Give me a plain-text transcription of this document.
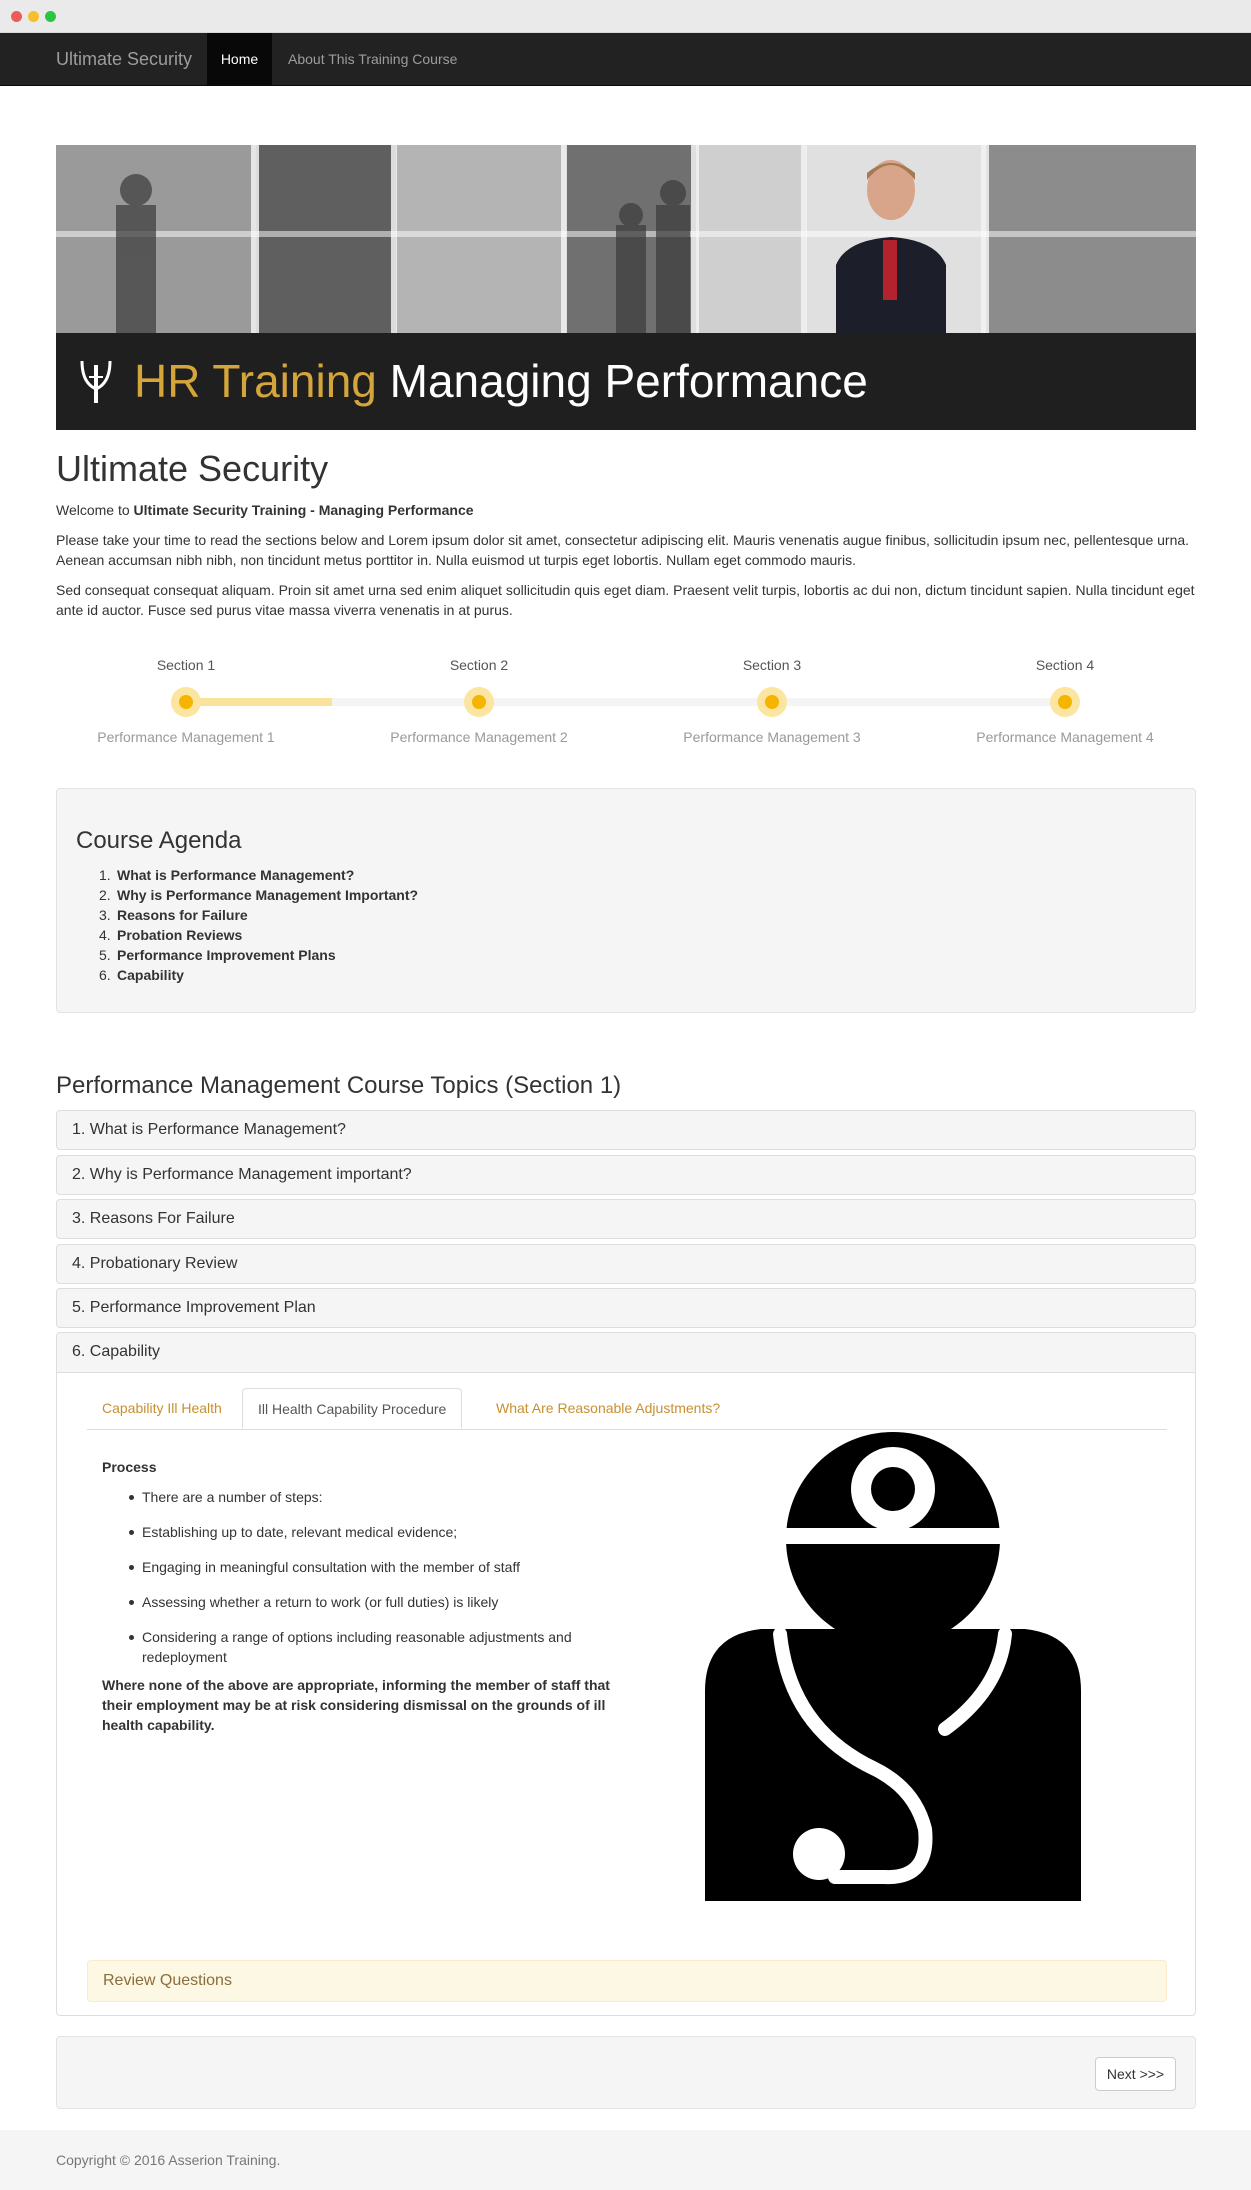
Ultimate Security	Home	About This Training Course
HR Training Managing Performance
Ultimate Security

Welcome to Ultimate Security Training - Managing Performance

Please take your time to read the sections below and Lorem ipsum dolor sit amet, consectetur adipiscing elit. Mauris venenatis augue finibus, sollicitudin ipsum nec, pellentesque urna. Aenean accumsan nibh nibh, non tincidunt metus porttitor in. Nulla euismod ut turpis eget lobortis. Nullam eget commodo mauris.

Sed consequat consequat aliquam. Proin sit amet urna sed enim aliquet sollicitudin quis eget diam. Praesent velit turpis, lobortis ac dui non, dictum tincidunt sapien. Nulla tincidunt eget ante id auctor. Fusce sed purus vitae massa viverra venenatis in at purus.

Section 1
Performance Management 1
Section 2
Performance Management 2
Section 3
Performance Management 3
Section 4
Performance Management 4
Course Agenda
1. What is Performance Management?
2. Why is Performance Management Important?
3. Reasons for Failure
4. Probation Reviews
5. Performance Improvement Plans
6. Capability
Performance Management Course Topics (Section 1)
1. What is Performance Management?
2. Why is Performance Management important?
3. Reasons For Failure
4. Probationary Review
5. Performance Improvement Plan
6. Capability
Capability Ill Health	Ill Health Capability Procedure	What Are Reasonable Adjustments?
Process
There are a number of steps:
Establishing up to date, relevant medical evidence;
Engaging in meaningful consultation with the member of staff
Assessing whether a return to work (or full duties) is likely
Considering a range of options including reasonable adjustments and redeployment

Where none of the above are appropriate, informing the member of staff that their employment may be at risk considering dismissal on the grounds of ill health capability.

Review Questions
Next >>>
Copyright © 2016 Asserion Training.
